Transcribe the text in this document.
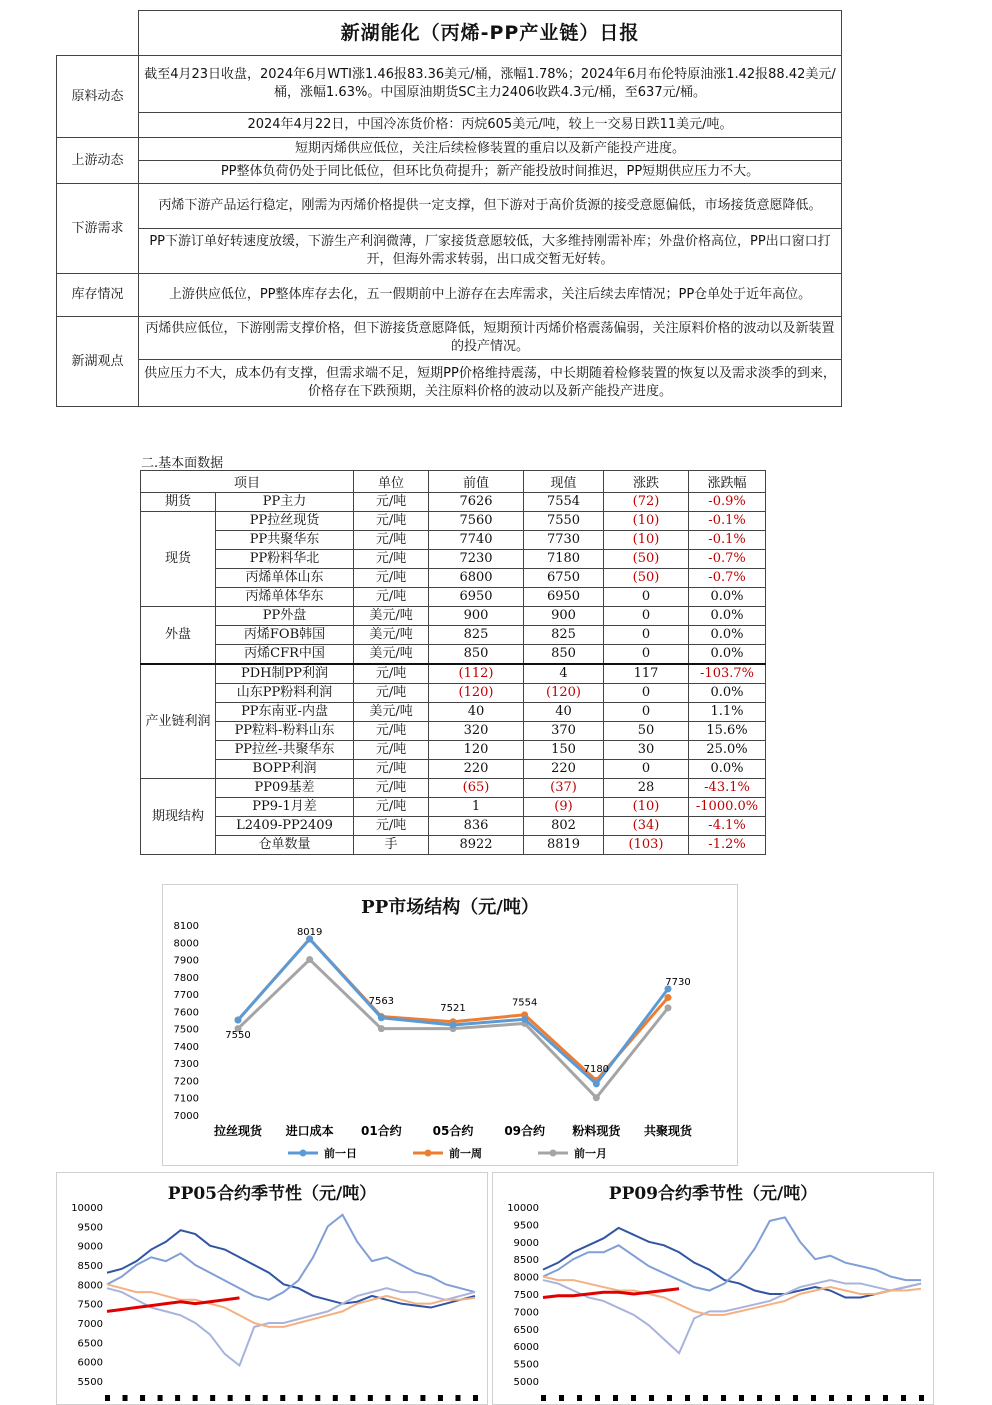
	新湖能化（丙烯-PP产业链）日报
原料动态	截至4月23日收盘，2024年6月WTI涨1.46报83.36美元/桶，涨幅1.78%；2024年6月布伦特原油涨1.42报88.42美元/桶，涨幅1.63%。中国原油期货SC主力2406收跌4.3元/桶，至637元/桶。
	2024年4月22日，中国冷冻货价格：丙烷605美元/吨，较上一交易日跌11美元/吨。
上游动态	短期丙烯供应低位，关注后续检修装置的重启以及新产能投产进度。
	PP整体负荷仍处于同比低位，但环比负荷提升；新产能投放时间推迟，PP短期供应压力不大。
下游需求	丙烯下游产品运行稳定，刚需为丙烯价格提供一定支撑，但下游对于高价货源的接受意愿偏低，市场接货意愿降低。
	PP下游订单好转速度放缓，下游生产利润微薄，厂家接货意愿较低，大多维持刚需补库；外盘价格高位，PP出口窗口打开，但海外需求转弱，出口成交暂无好转。
库存情况	上游供应低位，PP整体库存去化，五一假期前中上游存在去库需求，关注后续去库情况；PP仓单处于近年高位。
新湖观点	丙烯供应低位，下游刚需支撑价格，但下游接货意愿降低，短期预计丙烯价格震荡偏弱，关注原料价格的波动以及新装置的投产情况。
	供应压力不大，成本仍有支撑，但需求端不足，短期PP价格维持震荡，中长期随着检修装置的恢复以及需求淡季的到来，价格存在下跌预期，关注原料价格的波动以及新产能投产进度。
二.基本面数据
项目		单位	前值	现值	涨跌	涨跌幅
期货	PP主力	元/吨	7626	7554	(72)	-0.9%
现货	PP拉丝现货	元/吨	7560	7550	(10)	-0.1%
	PP共聚华东	元/吨	7740	7730	(10)	-0.1%
	PP粉料华北	元/吨	7230	7180	(50)	-0.7%
	丙烯单体山东	元/吨	6800	6750	(50)	-0.7%
	丙烯单体华东	元/吨	6950	6950	0	0.0%
外盘	PP外盘	美元/吨	900	900	0	0.0%
	丙烯FOB韩国	美元/吨	825	825	0	0.0%
	丙烯CFR中国	美元/吨	850	850	0	0.0%
产业链利润	PDH制PP利润	元/吨	(112)	4	117	-103.7%
	山东PP粉料利润	元/吨	(120)	(120)	0	0.0%
	PP东南亚-内盘	美元/吨	40	40	0	1.1%
	PP粒料-粉料山东	元/吨	320	370	50	15.6%
	PP拉丝-共聚华东	元/吨	120	150	30	25.0%
	BOPP利润	元/吨	220	220	0	0.0%
期现结构	PP09基差	元/吨	(65)	(37)	28	-43.1%
	PP9-1月差	元/吨	1	(9)	(10)	-1000.0%
	L2409-PP2409	元/吨	836	802	(34)	-4.1%
	仓单数量	手	8922	8819	(103)	-1.2%
PP市场结构（元/吨）
7000
7100
7200
7300
7400
7500
7600
7700
7800
7900
8000
8100
拉丝现货 进口成本 01合约	05合约	09合约 粉料现货 共聚现货
7550
8019
7563
7521
7554
7180
7730
前一日	前一周	前一月
PP05合约季节性（元/吨）
5500
6000
6500
7000
7500
8000
8500
9000
9500
10000
PP09合约季节性（元/吨）
5000
5500
6000
6500
7000
7500
8000
8500
9000
9500
10000
